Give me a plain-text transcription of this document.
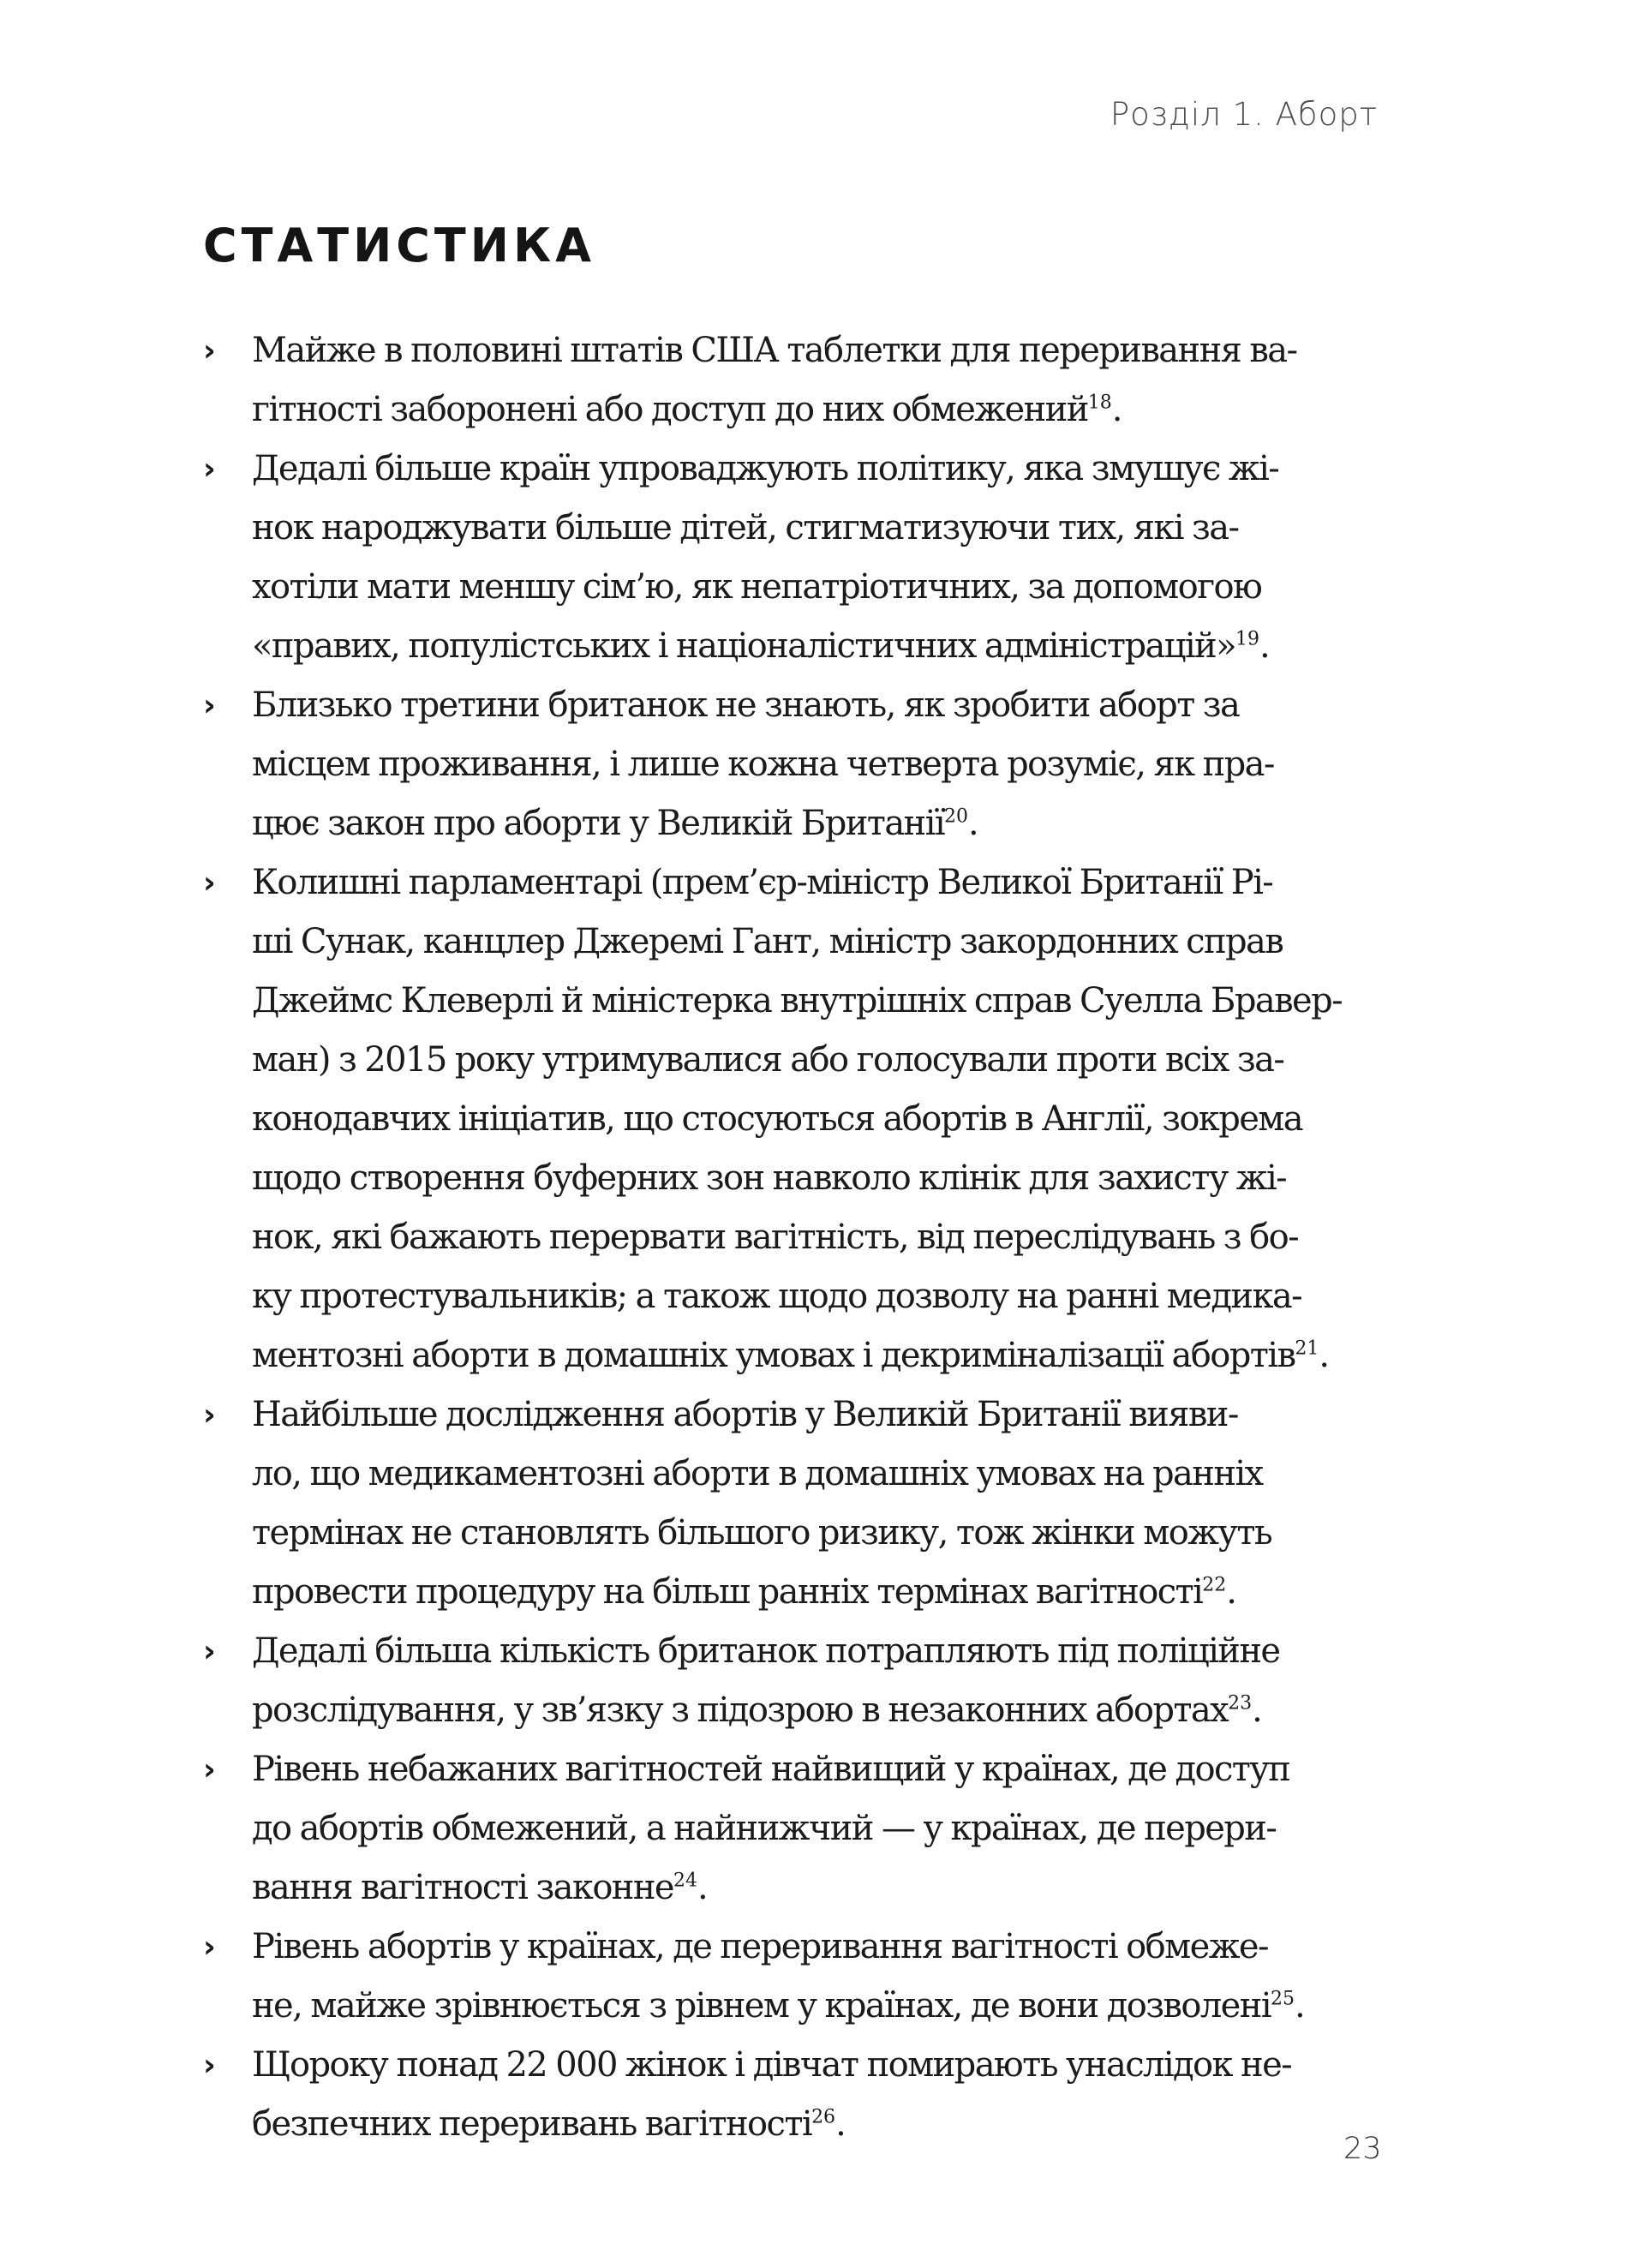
Розділ 1. Аборт
СТАТИСТИКА
›	Майже в половині штатів США таблетки для переривання ва-
гітності заборонені або доступ до них обмежений$^{18}$.

›	Дедалі більше країн упроваджують політику, яка змушує жі-
нок народжувати більше дітей, стигматизуючи тих, які за-
хотіли мати меншу сім’ю, як непатріотичних, за допомогою
«правих, популістських і націоналістичних адміністрацій»$^{19}$.

›	Близько третини британок не знають, як зробити аборт за
місцем проживання, і лише кожна четверта розуміє, як пра-
цює закон про аборти у Великій Британії$^{20}$.

›	Колишні парламентарі (прем’єр-міністр Великої Британії Рі-
ші Сунак, канцлер Джеремі Гант, міністр закордонних справ
Джеймс Клеверлі й міністерка внутрішніх справ Суелла Бравер-
ман) з 2015 року утримувалися або голосували проти всіх за-
конодавчих ініціатив, що стосуються абортів в Англії, зокрема
щодо створення буферних зон навколо клінік для захисту жі-
нок, які бажають перервати вагітність, від переслідувань з бо-
ку протестувальників; а також щодо дозволу на ранні медика-
ментозні аборти в домашніх умовах і декриміналізації абортів$^{21}$.

›	Найбільше дослідження абортів у Великій Британії вияви-
ло, що медикаментозні аборти в домашніх умовах на ранніх
термінах не становлять більшого ризику, тож жінки можуть
провести процедуру на більш ранніх термінах вагітності$^{22}$.

›	Дедалі більша кількість британок потрапляють під поліційне
розслідування, у зв’язку з підозрою в незаконних абортах$^{23}$.

›	Рівень небажаних вагітностей найвищий у країнах, де доступ
до абортів обмежений, а найнижчий — у країнах, де перери-
вання вагітності законне$^{24}$.

›	Рівень абортів у країнах, де переривання вагітності обмеже-
не, майже зрівнюється з рівнем у країнах, де вони дозволені$^{25}$.

›	Щороку понад 22 000 жінок і дівчат помирають унаслідок не-
безпечних переривань вагітності$^{26}$.

23
